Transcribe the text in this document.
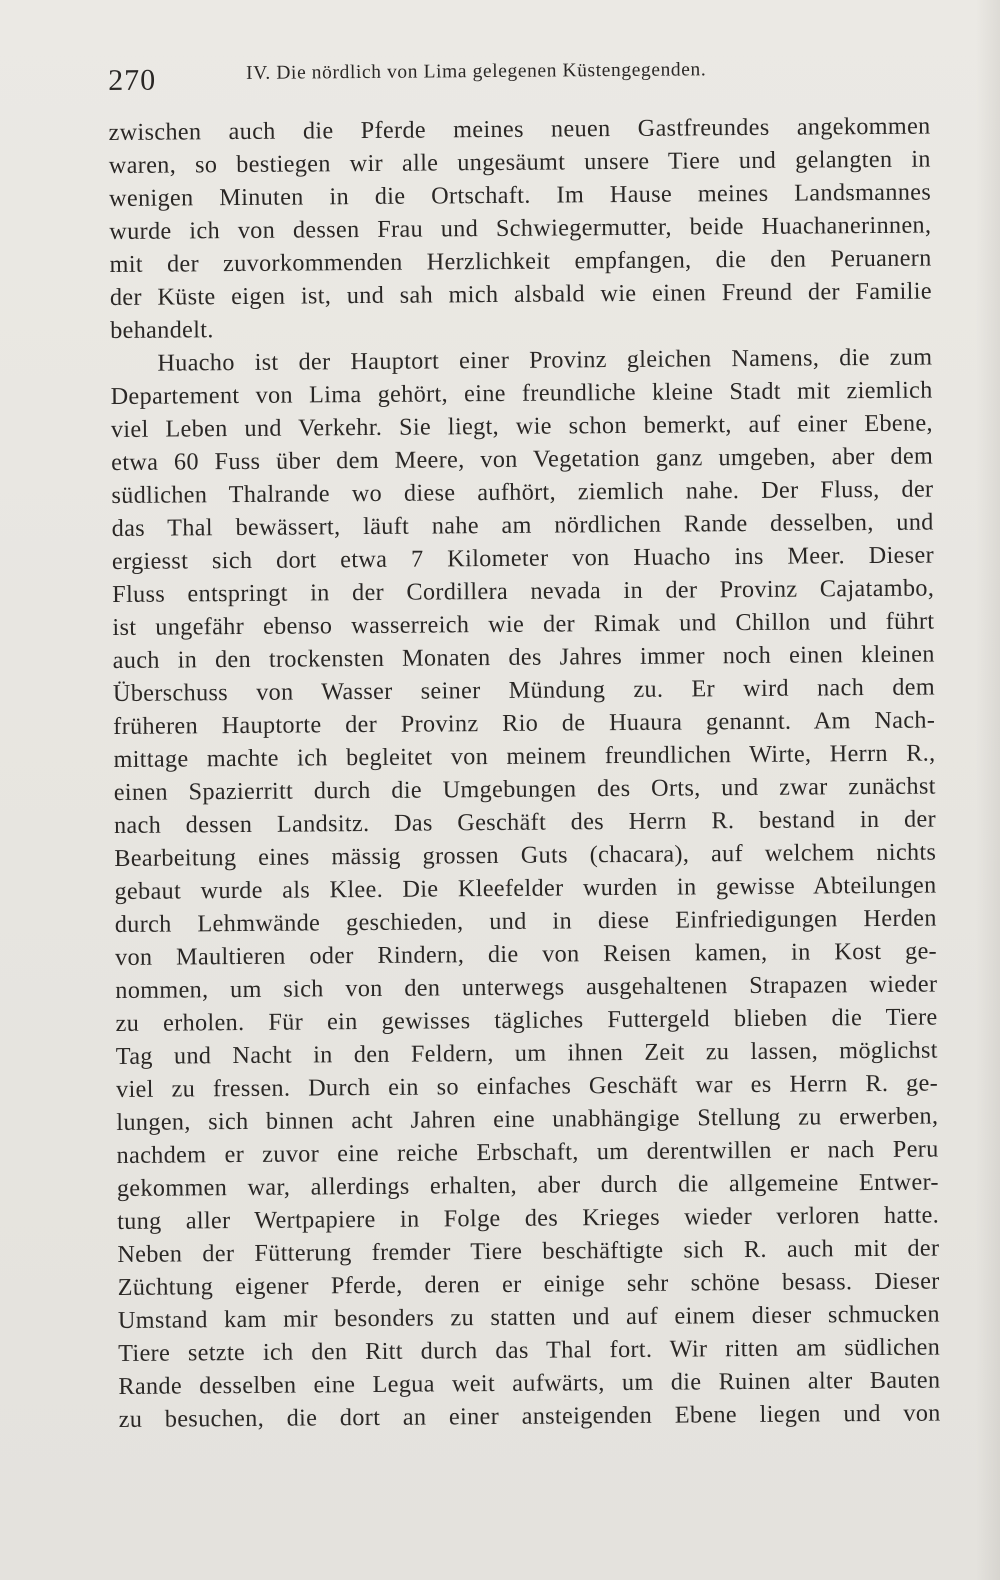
270	IV. Die nördlich von Lima gelegenen Küstengegenden.
zwischen auch die Pferde meines neuen Gastfreundes angekommen
waren, so bestiegen wir alle ungesäumt unsere Tiere und gelangten in
wenigen Minuten in die Ortschaft. Im Hause meines Landsmannes
wurde ich von dessen Frau und Schwiegermutter, beide Huachanerinnen,
mit der zuvorkommenden Herzlichkeit empfangen, die den Peruanern
der Küste eigen ist, und sah mich alsbald wie einen Freund der Familie
behandelt.
Huacho ist der Hauptort einer Provinz gleichen Namens, die zum
Departement von Lima gehört, eine freundliche kleine Stadt mit ziemlich
viel Leben und Verkehr. Sie liegt, wie schon bemerkt, auf einer Ebene,
etwa 60 Fuss über dem Meere, von Vegetation ganz umgeben, aber dem
südlichen Thalrande wo diese aufhört, ziemlich nahe. Der Fluss, der
das Thal bewässert, läuft nahe am nördlichen Rande desselben, und
ergiesst sich dort etwa 7 Kilometer von Huacho ins Meer. Dieser
Fluss entspringt in der Cordillera nevada in der Provinz Cajatambo,
ist ungefähr ebenso wasserreich wie der Rimak und Chillon und führt
auch in den trockensten Monaten des Jahres immer noch einen kleinen
Überschuss von Wasser seiner Mündung zu. Er wird nach dem
früheren Hauptorte der Provinz Rio de Huaura genannt. Am Nach-
mittage machte ich begleitet von meinem freundlichen Wirte, Herrn R.,
einen Spazierritt durch die Umgebungen des Orts, und zwar zunächst
nach dessen Landsitz. Das Geschäft des Herrn R. bestand in der
Bearbeitung eines mässig grossen Guts (chacara), auf welchem nichts
gebaut wurde als Klee. Die Kleefelder wurden in gewisse Abteilungen
durch Lehmwände geschieden, und in diese Einfriedigungen Herden
von Maultieren oder Rindern, die von Reisen kamen, in Kost ge-
nommen, um sich von den unterwegs ausgehaltenen Strapazen wieder
zu erholen. Für ein gewisses tägliches Futtergeld blieben die Tiere
Tag und Nacht in den Feldern, um ihnen Zeit zu lassen, möglichst
viel zu fressen. Durch ein so einfaches Geschäft war es Herrn R. ge-
lungen, sich binnen acht Jahren eine unabhängige Stellung zu erwerben,
nachdem er zuvor eine reiche Erbschaft, um derentwillen er nach Peru
gekommen war, allerdings erhalten, aber durch die allgemeine Entwer-
tung aller Wertpapiere in Folge des Krieges wieder verloren hatte.
Neben der Fütterung fremder Tiere beschäftigte sich R. auch mit der
Züchtung eigener Pferde, deren er einige sehr schöne besass. Dieser
Umstand kam mir besonders zu statten und auf einem dieser schmucken
Tiere setzte ich den Ritt durch das Thal fort. Wir ritten am südlichen
Rande desselben eine Legua weit aufwärts, um die Ruinen alter Bauten
zu besuchen, die dort an einer ansteigenden Ebene liegen und von
